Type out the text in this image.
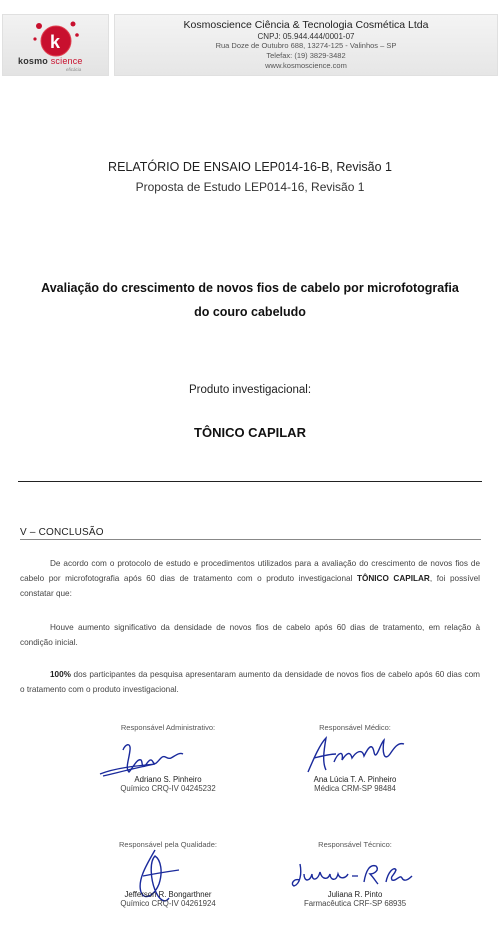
k
kosmo science
eficácia
Kosmoscience Ciência & Tecnologia Cosmética Ltda
CNPJ: 05.944.444/0001-07
Rua Doze de Outubro 688, 13274-125 - Valinhos – SP
Telefax: (19) 3829-3482
www.kosmoscience.com
RELATÓRIO DE ENSAIO LEP014-16-B, Revisão 1
Proposta de Estudo LEP014-16, Revisão 1
Avaliação do crescimento de novos fios de cabelo por microfotografia
do couro cabeludo
Produto investigacional:
TÔNICO CAPILAR
V – CONCLUSÃO
De acordo com o protocolo de estudo e procedimentos utilizados para a avaliação do crescimento de novos fios de cabelo por microfotografia após 60 dias de tratamento com o produto investigacional TÔNICO CAPILAR, foi possível constatar que:
Houve aumento significativo da densidade de novos fios de cabelo após 60 dias de tratamento, em relação à condição inicial.
100% dos participantes da pesquisa apresentaram aumento da densidade de novos fios de cabelo após 60 dias com o tratamento com o produto investigacional.
Responsável Administrativo:
Adriano S. Pinheiro
Químico CRQ-IV 04245232
Responsável Médico:
Ana Lúcia T. A. Pinheiro
Médica CRM-SP 98484
Responsável pela Qualidade:
Jefferson R. Bongarthner
Químico CRQ-IV 04261924
Responsável Técnico:
Juliana R. Pinto
Farmacêutica CRF-SP 68935
